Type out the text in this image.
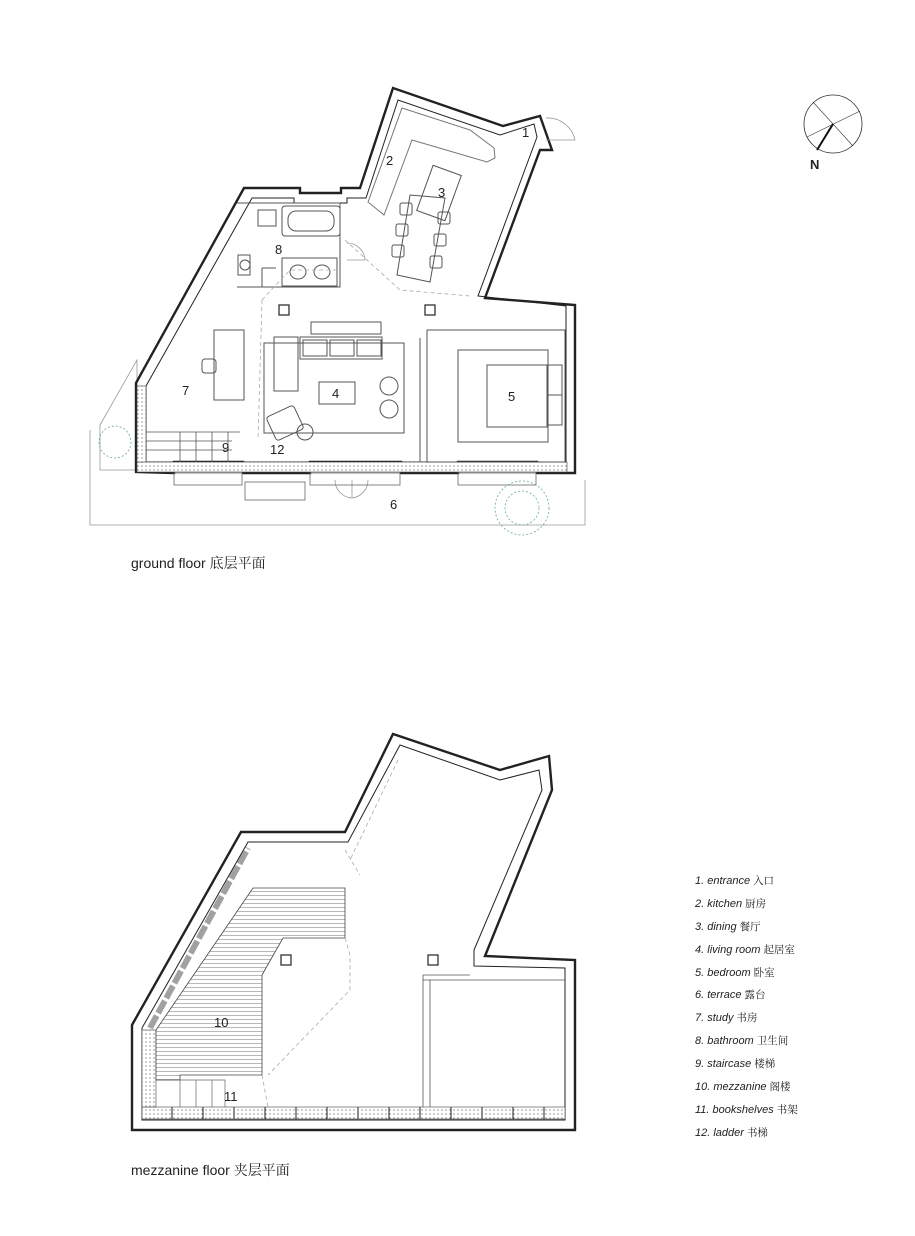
1
2
3
4	5
6
7
8
9	12
10
11
N
ground floor 底层平面
mezzanine floor 夹层平面
1. entrance 入口
2. kitchen 厨房
3. dining 餐厅
4. living room 起居室
5. bedroom 卧室
6. terrace 露台
7. study 书房
8. bathroom 卫生间
9. staircase 楼梯
10. mezzanine 阁楼
11. bookshelves 书架
12. ladder 书梯
